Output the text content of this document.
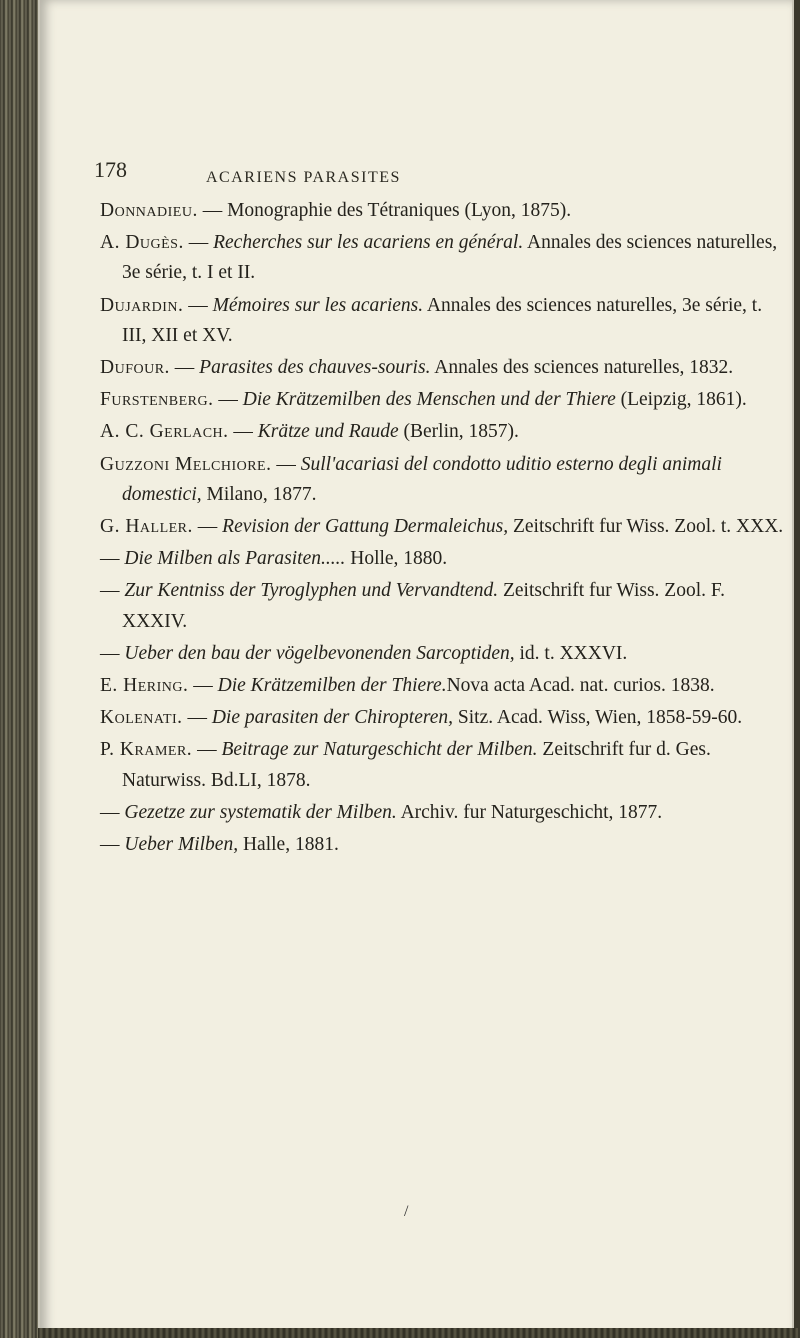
178	ACARIENS PARASITES

Donnadieu. — Monographie des Tétraniques (Lyon, 1875).

A. Dugès. — Recherches sur les acariens en général. Annales des sciences naturelles, 3e série, t. I et II.

Dujardin. — Mémoires sur les acariens. Annales des sciences naturelles, 3e série, t. III, XII et XV.

Dufour. — Parasites des chauves-souris. Annales des sciences naturelles, 1832.

Furstenberg. — Die Krätzemilben des Menschen und der Thiere (Leipzig, 1861).

A. C. Gerlach. — Krätze und Raude (Berlin, 1857).

Guzzoni Melchiore. — Sull'acariasi del condotto uditio esterno degli animali domestici, Milano, 1877.

G. Haller. — Revision der Gattung Dermaleichus, Zeitschrift fur Wiss. Zool. t. XXX.

— Die Milben als Parasiten..... Holle, 1880.

— Zur Kentniss der Tyroglyphen und Vervandtend. Zeitschrift fur Wiss. Zool. F. XXXIV.

— Ueber den bau der vögelbevonenden Sarcoptiden, id. t. XXXVI.

E. Hering. — Die Krätzemilben der Thiere.Nova acta Acad. nat. curios. 1838.

Kolenati. — Die parasiten der Chiropteren, Sitz. Acad. Wiss, Wien, 1858-59-60.

P. Kramer. — Beitrage zur Naturgeschicht der Milben. Zeitschrift fur d. Ges. Naturwiss. Bd.LI, 1878.

— Gezetze zur systematik der Milben. Archiv. fur Naturgeschicht, 1877.

— Ueber Milben, Halle, 1881.

/
